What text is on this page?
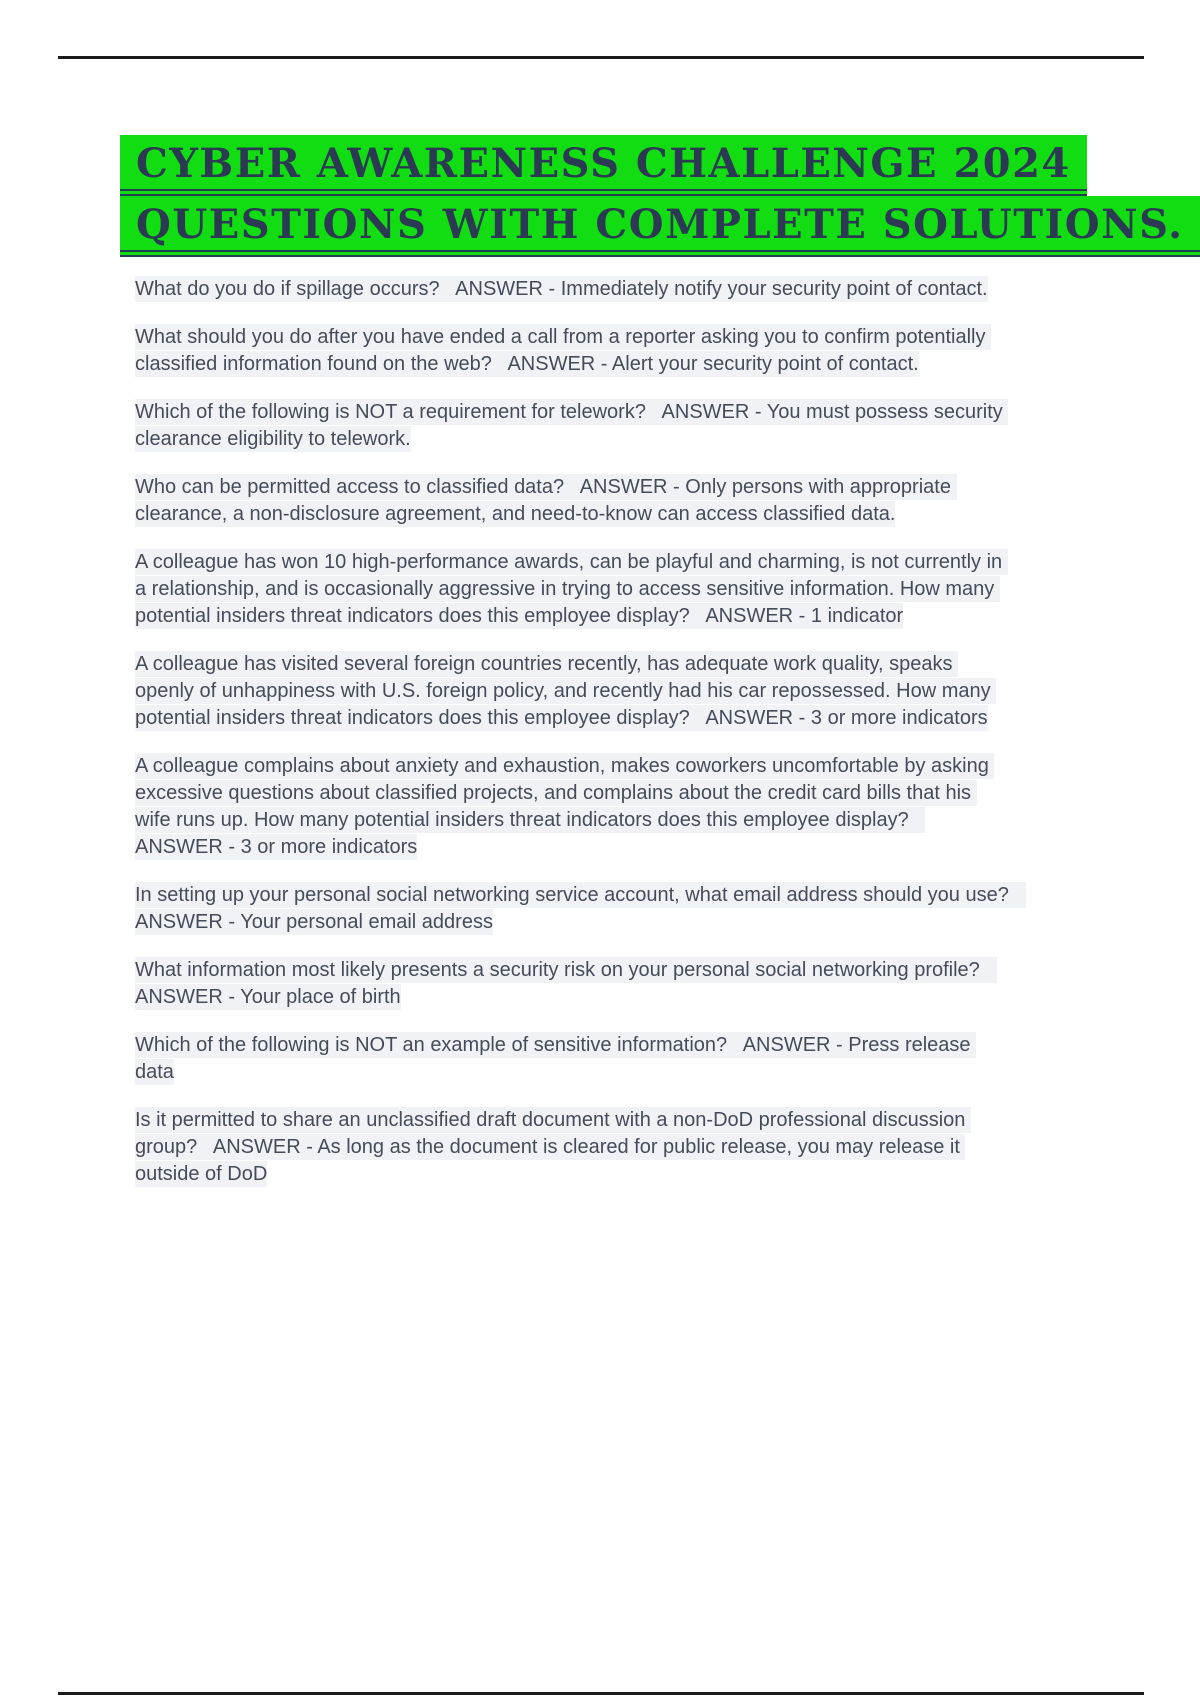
CYBER AWARENESS CHALLENGE 2024
QUESTIONS WITH COMPLETE SOLUTIONS.

What do you do if spillage occurs?   ANSWER - Immediately notify your security point of contact.

What should you do after you have ended a call from a reporter asking you to confirm potentially classified information found on the web?   ANSWER - Alert your security point of contact.

Which of the following is NOT a requirement for telework?   ANSWER - You must possess security clearance eligibility to telework.

Who can be permitted access to classified data?   ANSWER - Only persons with appropriate clearance, a non-disclosure agreement, and need-to-know can access classified data.

A colleague has won 10 high-performance awards, can be playful and charming, is not currently in a relationship, and is occasionally aggressive in trying to access sensitive information. How many potential insiders threat indicators does this employee display?   ANSWER - 1 indicator

A colleague has visited several foreign countries recently, has adequate work quality, speaks openly of unhappiness with U.S. foreign policy, and recently had his car repossessed. How many potential insiders threat indicators does this employee display?   ANSWER - 3 or more indicators

A colleague complains about anxiety and exhaustion, makes coworkers uncomfortable by asking excessive questions about classified projects, and complains about the credit card bills that his wife runs up. How many potential insiders threat indicators does this employee display?   ANSWER - 3 or more indicators

In setting up your personal social networking service account, what email address should you use?   ANSWER - Your personal email address

What information most likely presents a security risk on your personal social networking profile?   ANSWER - Your place of birth

Which of the following is NOT an example of sensitive information?   ANSWER - Press release data

Is it permitted to share an unclassified draft document with a non-DoD professional discussion group?   ANSWER - As long as the document is cleared for public release, you may release it outside of DoD
